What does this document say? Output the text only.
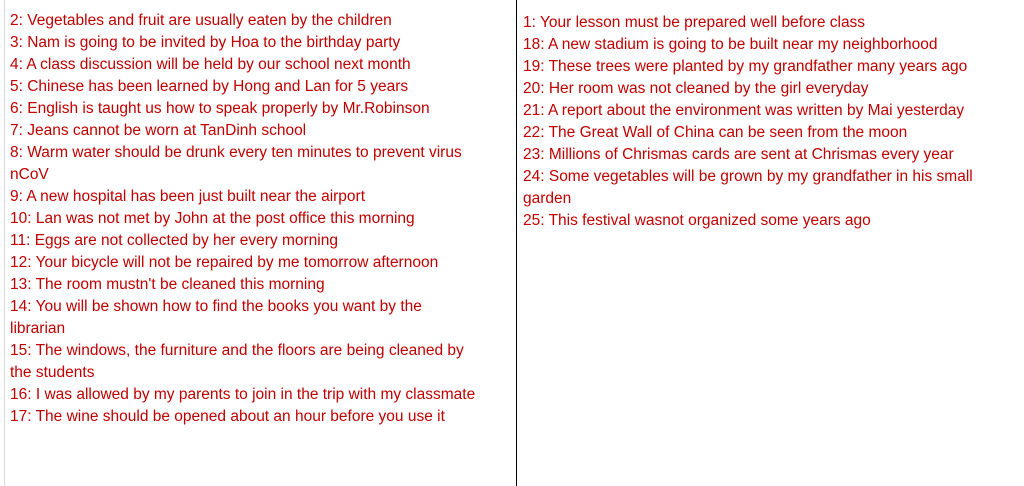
2: Vegetables and fruit are usually eaten by the children

3: Nam is going to be invited by Hoa to the birthday party

4: A class discussion will be held by our school next month

5: Chinese has been learned by Hong and Lan for 5 years

6: English is taught us how to speak properly by Mr.Robinson

7: Jeans cannot be worn at TanDinh school

8: Warm water should be drunk every ten minutes to prevent virus nCoV

9: A new hospital has been just built near the airport

10: Lan was not met by John at the post office this morning

11: Eggs are not collected by her every morning

12: Your bicycle will not be repaired by me tomorrow afternoon

13: The room mustn't be cleaned this morning

14: You will be shown how to find the books you want by the librarian

15: The windows, the furniture and the floors are being cleaned by the students

16: I was allowed by my parents to join in the trip with my classmate

17: The wine should be opened about an hour before you use it

1: Your lesson must be prepared well before class

18: A new stadium is going to be built near my neighborhood

19: These trees were planted by my grandfather many years ago

20: Her room was not cleaned by the girl everyday

21: A report about the environment was written by Mai yesterday

22: The Great Wall of China can be seen from the moon

23: Millions of Chrismas cards are sent at Chrismas every year

24: Some vegetables will be grown by my grandfather in his small garden

25: This festival wasnot organized some years ago
